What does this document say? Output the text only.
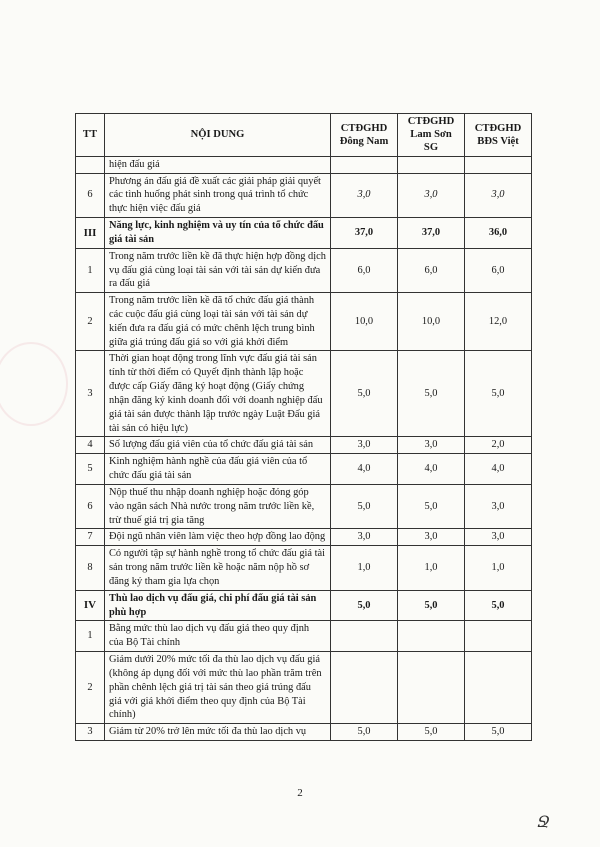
TT	NỘI DUNG	CTĐGHD Đông Nam	CTĐGHD Lam Sơn SG	CTĐGHD BĐS Việt
	hiện đấu giá			
6	Phương án đấu giá đề xuất các giải pháp giải quyết các tình huống phát sinh trong quá trình tổ chức thực hiện việc đấu giá	3,0	3,0	3,0
III	Năng lực, kinh nghiệm và uy tín của tổ chức đấu giá tài sản	37,0	37,0	36,0
1	Trong năm trước liền kề đã thực hiện hợp đồng dịch vụ đấu giá cùng loại tài sản với tài sản dự kiến đưa ra đấu giá	6,0	6,0	6,0
2	Trong năm trước liền kề đã tổ chức đấu giá thành các cuộc đấu giá cùng loại tài sản với tài sản dự kiến đưa ra đấu giá có mức chênh lệch trung bình giữa giá trúng đấu giá so với giá khởi điểm	10,0	10,0	12,0
3	Thời gian hoạt động trong lĩnh vực đấu giá tài sản tính từ thời điểm có Quyết định thành lập hoặc được cấp Giấy đăng ký hoạt động (Giấy chứng nhận đăng ký kinh doanh đối với doanh nghiệp đấu giá tài sản được thành lập trước ngày Luật Đấu giá tài sản có hiệu lực)	5,0	5,0	5,0
4	Số lượng đấu giá viên của tổ chức đấu giá tài sản	3,0	3,0	2,0
5	Kinh nghiệm hành nghề của đấu giá viên của tổ chức đấu giá tài sản	4,0	4,0	4,0
6	Nộp thuế thu nhập doanh nghiệp hoặc đóng góp vào ngân sách Nhà nước trong năm trước liền kề, trừ thuế giá trị gia tăng	5,0	5,0	3,0
7	Đội ngũ nhân viên làm việc theo hợp đồng lao động	3,0	3,0	3,0
8	Có người tập sự hành nghề trong tổ chức đấu giá tài sản trong năm trước liền kề hoặc năm nộp hồ sơ đăng ký tham gia lựa chọn	1,0	1,0	1,0
IV	Thù lao dịch vụ đấu giá, chi phí đấu giá tài sản phù hợp	5,0	5,0	5,0
1	Bằng mức thù lao dịch vụ đấu giá theo quy định của Bộ Tài chính			
2	Giảm dưới 20% mức tối đa thù lao dịch vụ đấu giá (không áp dụng đối với mức thù lao phần trăm trên phần chênh lệch giá trị tài sản theo giá trúng đấu giá với giá khởi điểm theo quy định của Bộ Tài chính)			
3	Giảm từ 20% trở lên mức tối đa thù lao dịch vụ	5,0	5,0	5,0
2
Ջ
